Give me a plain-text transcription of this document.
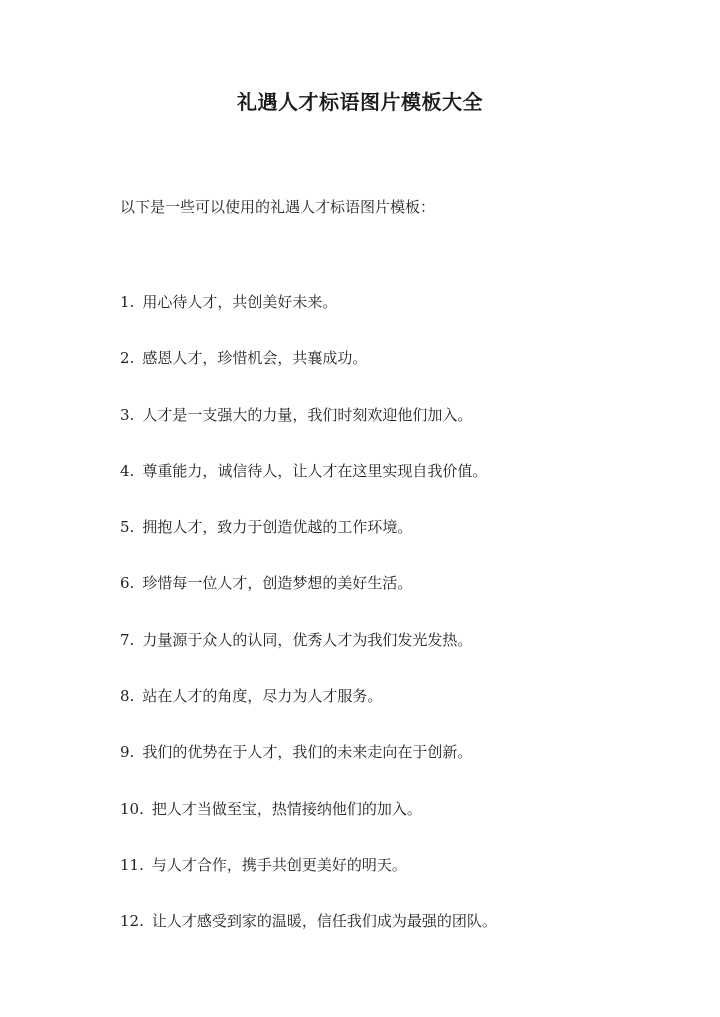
礼遇人才标语图片模板大全
以下是一些可以使用的礼遇人才标语图片模板：
1. 用心待人才，共创美好未来。
2. 感恩人才，珍惜机会，共襄成功。
3. 人才是一支强大的力量，我们时刻欢迎他们加入。
4. 尊重能力，诚信待人，让人才在这里实现自我价值。
5. 拥抱人才，致力于创造优越的工作环境。
6. 珍惜每一位人才，创造梦想的美好生活。
7. 力量源于众人的认同，优秀人才为我们发光发热。
8. 站在人才的角度，尽力为人才服务。
9. 我们的优势在于人才，我们的未来走向在于创新。
10. 把人才当做至宝，热情接纳他们的加入。
11. 与人才合作，携手共创更美好的明天。
12. 让人才感受到家的温暖，信任我们成为最强的团队。
